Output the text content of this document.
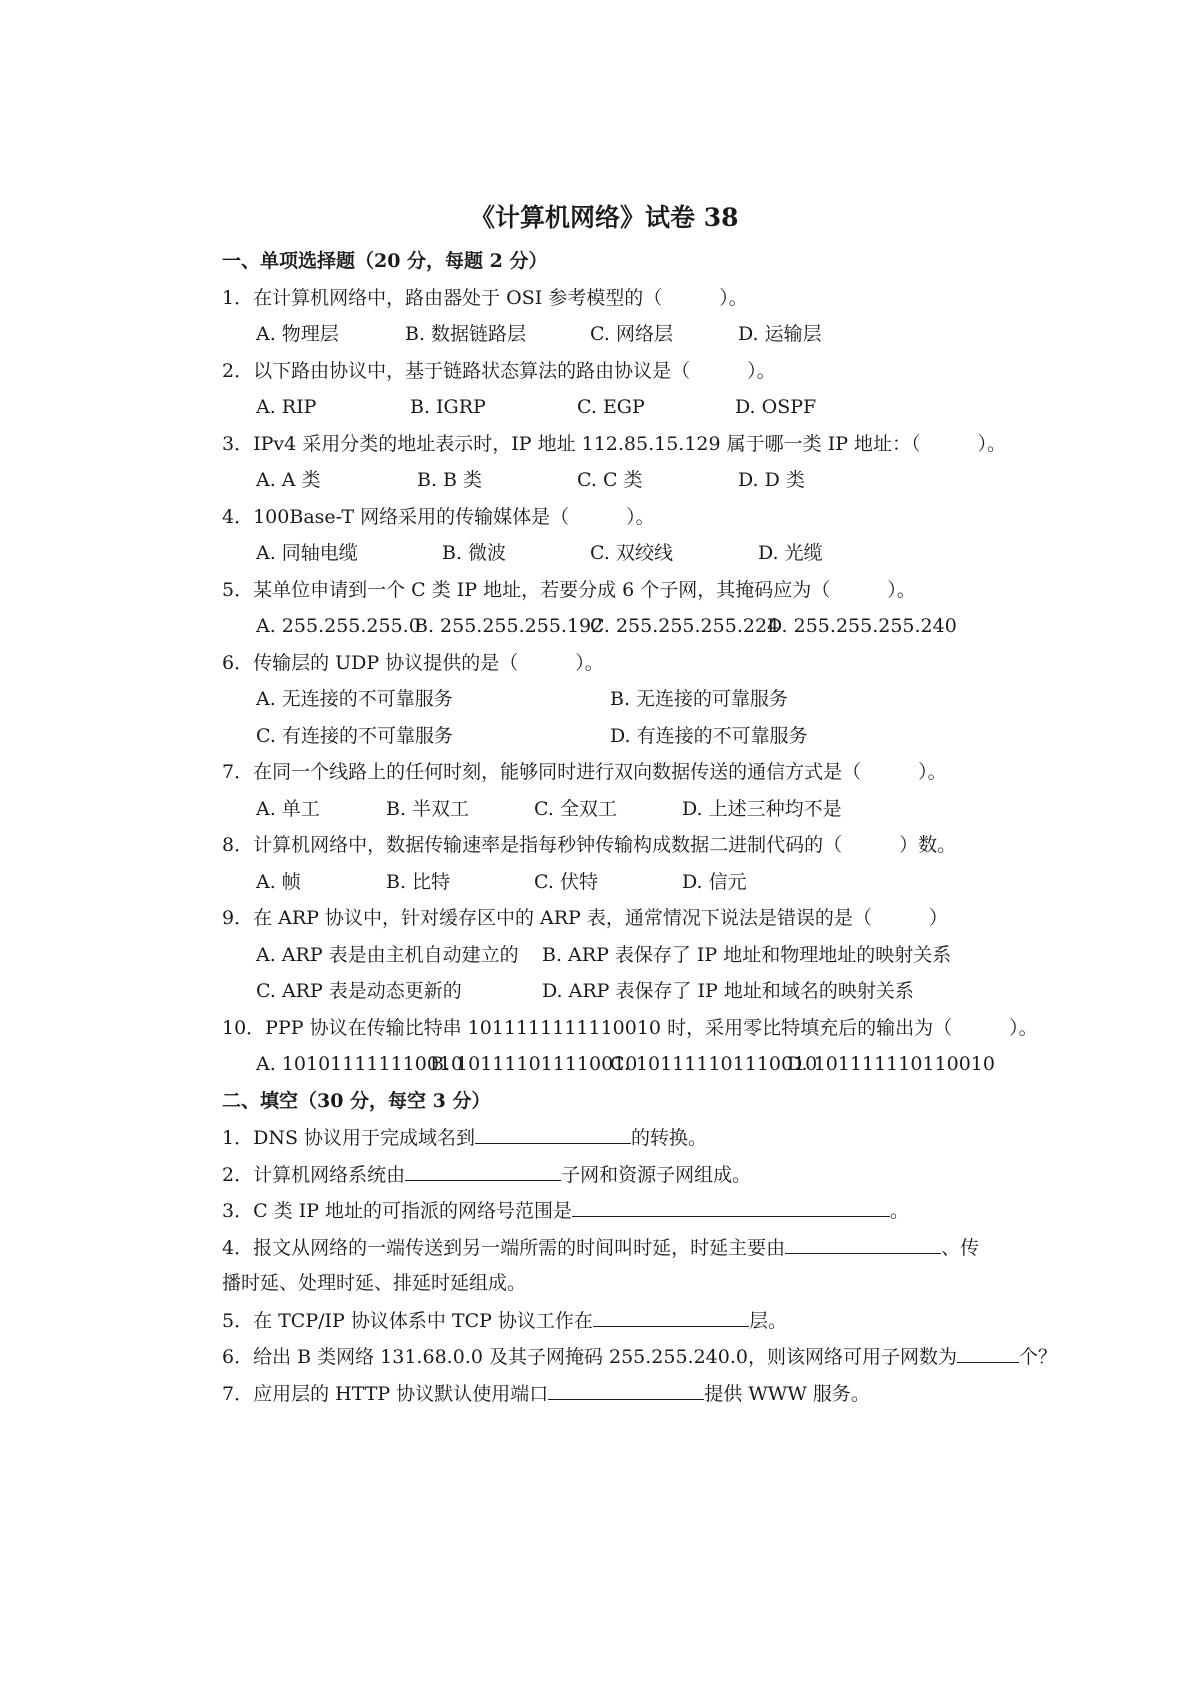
《计算机网络》试卷 38
一、单项选择题（20 分，每题 2 分）
1．在计算机网络中，路由器处于 OSI 参考模型的（　　　）。
A. 物理层	B. 数据链路层	C. 网络层	D. 运输层
2．以下路由协议中，基于链路状态算法的路由协议是（　　　）。
A. RIP	B. IGRP	C. EGP	D. OSPF
3．IPv4 采用分类的地址表示时，IP 地址 112.85.15.129 属于哪一类 IP 地址：（　　　）。
A. A 类	B. B 类	C. C 类	D. D 类
4．100Base-T 网络采用的传输媒体是（　　　）。
A. 同轴电缆	B. 微波	C. 双绞线	D. 光缆
5．某单位申请到一个 C 类 IP 地址，若要分成 6 个子网，其掩码应为（　　　）。
A. 255.255.255.0
B. 255.255.255.192
C. 255.255.255.224
D. 255.255.255.240
6．传输层的 UDP 协议提供的是（　　　）。
A. 无连接的不可靠服务	B. 无连接的可靠服务
C. 有连接的不可靠服务	D. 有连接的不可靠服务
7．在同一个线路上的任何时刻，能够同时进行双向数据传送的通信方式是（　　　）。
A. 单工	B. 半双工	C. 全双工	D. 上述三种均不是
8．计算机网络中，数据传输速率是指每秒钟传输构成数据二进制代码的（　　　）数。
A. 帧	B. 比特	C. 伏特	D. 信元
9．在 ARP 协议中，针对缓存区中的 ARP 表，通常情况下说法是错误的是（　　　）
A. ARP 表是由主机自动建立的 B. ARP 表保存了 IP 地址和物理地址的映射关系
C. ARP 表是动态更新的	D. ARP 表保存了 IP 地址和域名的映射关系
10．PPP 协议在传输比特串 1011111111110010 时，采用零比特填充后的输出为（　　　）。
A. 101011111110010
B. 101111011110010
C. 101111101110010
D. 101111110110010
二、填空（30 分，每空 3 分）
1．DNS 协议用于完成域名到	的转换。
2．计算机网络系统由	子网和资源子网组成。
3．C 类 IP 地址的可指派的网络号范围是	。
4．报文从网络的一端传送到另一端所需的时间叫时延，时延主要由	、传
播时延、处理时延、排延时延组成。
5．在 TCP/IP 协议体系中 TCP 协议工作在	层。
6．给出 B 类网络 131.68.0.0 及其子网掩码 255.255.240.0，则该网络可用子网数为	个？
7．应用层的 HTTP 协议默认使用端口	提供 WWW 服务。
